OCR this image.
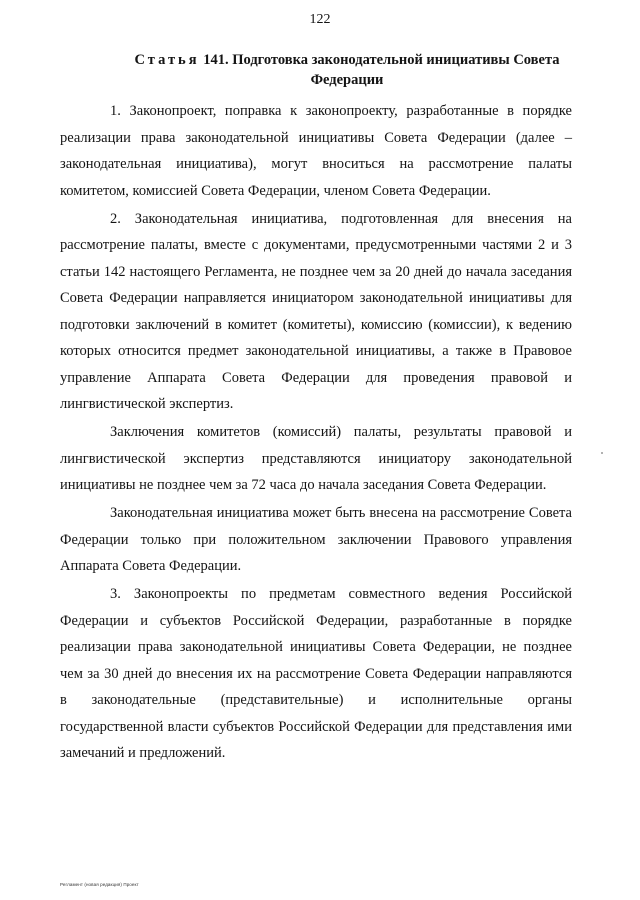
122
Статья 141. Подготовка законодательной инициативы Совета Федерации

1. Законопроект, поправка к законопроекту, разработанные в порядке реализации права законодательной инициативы Совета Федерации (далее – законодательная инициатива), могут вноситься на рассмотрение палаты комитетом, комиссией Совета Федерации, членом Совета Федерации.

2. Законодательная инициатива, подготовленная для внесения на рассмотрение палаты, вместе с документами, предусмотренными частями 2 и 3 статьи 142 настоящего Регламента, не позднее чем за 20 дней до начала заседания Совета Федерации направляется инициатором законодательной инициативы для подготовки заключений в комитет (комитеты), комиссию (комиссии), к ведению которых относится предмет законодательной инициативы, а также в Правовое управление Аппарата Совета Федерации для проведения правовой и лингвистической экспертиз.

Заключения комитетов (комиссий) палаты, результаты правовой и лингвистической экспертиз представляются инициатору законодательной инициативы не позднее чем за 72 часа до начала заседания Совета Федерации.

Законодательная инициатива может быть внесена на рассмотрение Совета Федерации только при положительном заключении Правового управления Аппарата Совета Федерации.

3. Законопроекты по предметам совместного ведения Российской Федерации и субъектов Российской Федерации, разработанные в порядке реализации права законодательной инициативы Совета Федерации, не позднее чем за 30 дней до внесения их на рассмотрение Совета Федерации направляются в законодательные (представительные) и исполнительные органы государственной власти субъектов Российской Федерации для представления ими замечаний и предложений.

Регламент (новая редакция) Проект
